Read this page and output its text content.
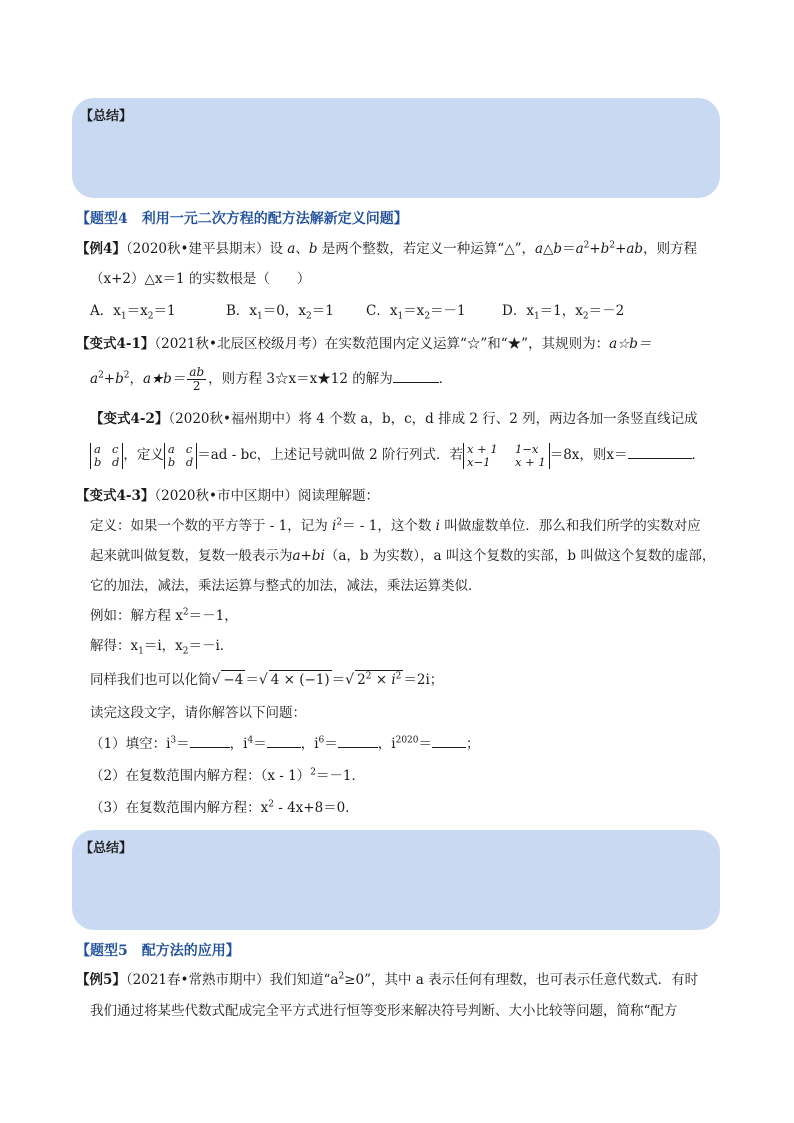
【总结】
【题型4　利用一元二次方程的配方法解新定义问题】
【例4】（2020秋•建平县期末）设 a、b 是两个整数，若定义一种运算“△”，$a\triangle b=a^2+b^2+ab$，则方程
（x+2）△x＝1 的实数根是（　　）
A．$x_1=x_2=1$	B．$x_1=0$，$x_2=1$ C．$x_1=x_2=-1$	D．$x_1=1$，$x_2=-2$
【变式4-1】（2021秋•北辰区校级月考）在实数范围内定义运算“☆”和“★”，其规则为：a☆b＝
$a^2+b^2$，a★b＝ $\frac{ab}{2}$ ，则方程 3☆x＝x★12 的解为	．
【变式4-2】（2020秋•福州期中）将 4 个数 a，b，c，d 排成 2 行、2 列，两边各加一条竖直线记成
a c
b d ，定义 a c
b d ＝ad - bc，上述记号就叫做 2 阶行列式．若 x + 1 1−x
x−1 x + 1 ＝8x，则x＝	．
【变式4-3】（2020秋•市中区期中）阅读理解题：
定义：如果一个数的平方等于 - 1，记为 $i^2= - 1$，这个数 i 叫做虚数单位．那么和我们所学的实数对应
起来就叫做复数，复数一般表示为a+bi（a，b 为实数），a 叫这个复数的实部，b 叫做这个复数的虚部，
它的加法，减法，乘法运算与整式的加法，减法，乘法运算类似．
例如：解方程 $x^2=-1$，
解得：$x_1=i$，$x_2=-i$．
同样我们也可以化简√ −4 ＝√ 4 × (−1) ＝√ $2^2 \times i^2 =2i$；
读完这段文字，请你解答以下问题：
（1）填空：$i^3=$	，$i^4=$	，$i^6=$	，$i^{2020}=$	；
（2）在复数范围内解方程：（x - 1）$^2$＝－1．
（3）在复数范围内解方程：$x^2 - 4x+8=0$．
【总结】
【题型5　配方法的应用】
【例5】（2021春•常熟市期中）我们知道“$a^2\ge 0$”，其中 a 表示任何有理数，也可表示任意代数式．有时
我们通过将某些代数式配成完全平方式进行恒等变形来解决符号判断、大小比较等问题，简称“配方
